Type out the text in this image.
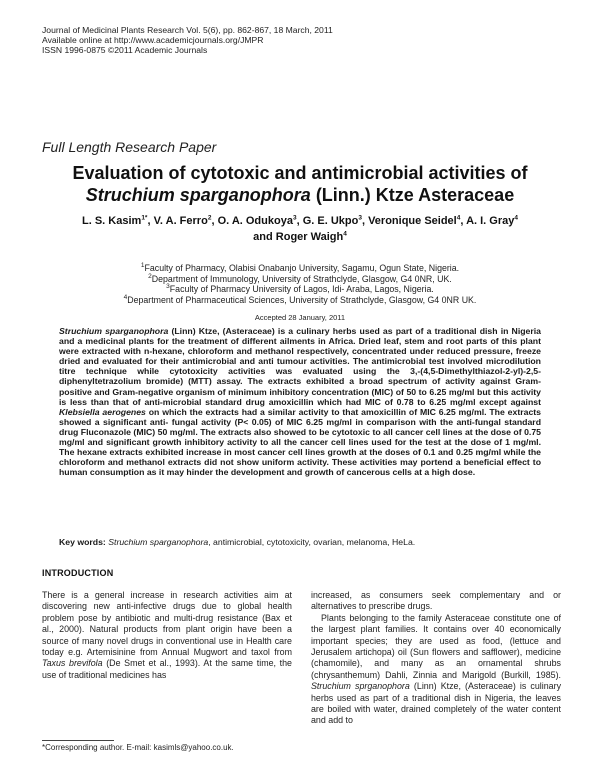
Journal of Medicinal Plants Research Vol. 5(6), pp. 862-867, 18 March, 2011
Available online at http://www.academicjournals.org/JMPR
ISSN 1996-0875 ©2011 Academic Journals
Full Length Research Paper
Evaluation of cytotoxic and antimicrobial activities of
Struchium sparganophora (Linn.) Ktze Asteraceae
L. S. Kasim$^{1*}$, V. A. Ferro$^2$, O. A. Odukoya$^3$, G. E. Ukpo$^3$, Veronique Seidel$^4$, A. I. Gray$^4$
and Roger Waigh$^4$
$^1$Faculty of Pharmacy, Olabisi Onabanjo University, Sagamu, Ogun State, Nigeria.
$^2$Department of Immunology, University of Strathclyde, Glasgow, G4 0NR, UK.
$^3$Faculty of Pharmacy University of Lagos, Idi- Araba, Lagos, Nigeria.
$^4$Department of Pharmaceutical Sciences, University of Strathclyde, Glasgow, G4 0NR UK.
Accepted 28 January, 2011
Struchium sparganophora (Linn) Ktze, (Asteraceae) is a culinary herbs used as part of a traditional dish in Nigeria and a medicinal plants for the treatment of different ailments in Africa. Dried leaf, stem and root parts of this plant were extracted with n-hexane, chloroform and methanol respectively, concentrated under reduced pressure, freeze dried and evaluated for their antimicrobial and anti tumour activities. The antimicrobial test involved microdilution titre technique while cytotoxicity activities was evaluated using the 3,-(4,5-Dimethylthiazol-2-yl)-2,5-diphenyltetrazolium bromide) (MTT) assay. The extracts exhibited a broad spectrum of activity against Gram- positive and Gram-negative organism of minimum inhibitory concentration (MIC) of 50 to 6.25 mg/ml but this activity is less than that of anti-microbial standard drug amoxicillin which had MIC of 0.78 to 6.25 mg/ml except against Klebsiella aerogenes on which the extracts had a similar activity to that amoxicillin of MIC 6.25 mg/ml. The extracts showed a significant anti- fungal activity (P< 0.05) of MIC 6.25 mg/ml in comparison with the anti-fungal standard drug Fluconazole (MIC) 50 mg/ml. The extracts also showed to be cytotoxic to all cancer cell lines at the dose of 0.75 mg/ml and significant growth inhibitory activity to all the cancer cell lines used for the test at the dose of 1 mg/ml. The hexane extracts exhibited increase in most cancer cell lines growth at the doses of 0.1 and 0.25 mg/ml while the chloroform and methanol extracts did not show uniform activity. These activities may portend a beneficial effect to human consumption as it may hinder the development and growth of cancerous cells at a high dose.
Key words: Struchium sparganophora, antimicrobial, cytotoxicity, ovarian, melanoma, HeLa.
INTRODUCTION

There is a general increase in research activities aim at discovering new anti-infective drugs due to global health problem pose by antibiotic and multi-drug resistance (Bax et al., 2000). Natural products from plant origin have been a source of many novel drugs in conventional use in Health care today e.g. Artemisinine from Annual Mugwort and taxol from Taxus brevifola (De Smet et al., 1993). At the same time, the use of traditional medicines has

increased, as consumers seek complementary and or alternatives to prescribe drugs.

Plants belonging to the family Asteraceae constitute one of the largest plant families. It contains over 40 economically important species; they are used as food, (lettuce and Jerusalem artichopa) oil (Sun flowers and safflower), medicine (chamomile), and many as an ornamental shrubs (chrysanthemum) Dahli, Zinnia and Marigold (Burkill, 1985). Struchium sprganophora (Linn) Ktze, (Asteraceae) is culinary herbs used as part of a traditional dish in Nigeria, the leaves are boiled with water, drained completely of the water content and add to

*Corresponding author. E-mail: kasimls@yahoo.co.uk.
